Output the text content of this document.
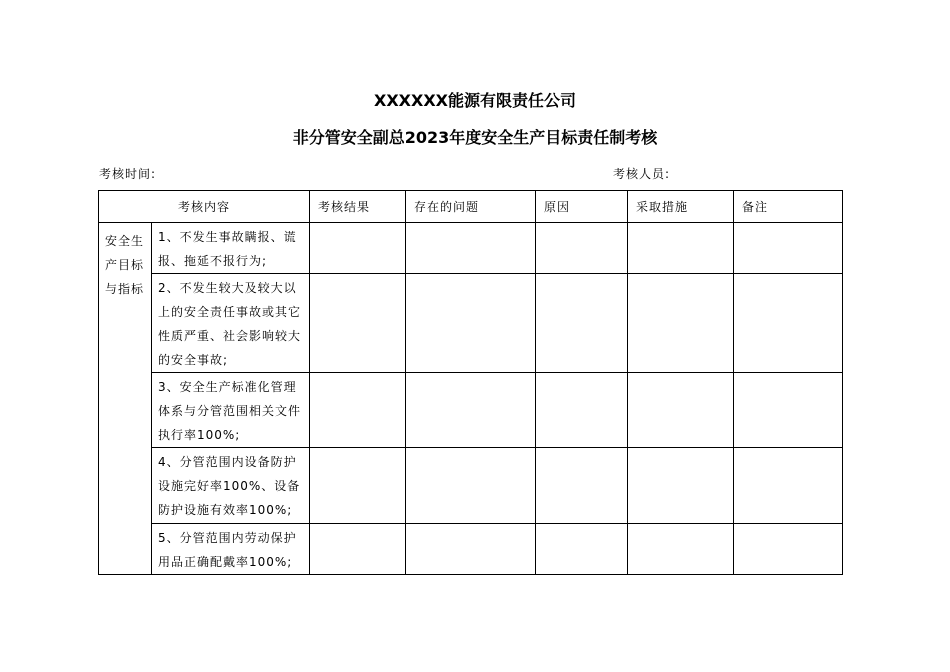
XXXXXX能源有限责任公司
非分管安全副总2023年度安全生产目标责任制考核
考核时间:	考核人员:
考核内容		考核结果	存在的问题	原因	采取措施	备注
安全生产目标与指标	1、不发生事故瞒报、谎报、拖延不报行为;					
	2、不发生较大及较大以上的安全责任事故或其它性质严重、社会影响较大的安全事故;					
	3、安全生产标准化管理体系与分管范围相关文件执行率100%;					
	4、分管范围内设备防护设施完好率100%、设备防护设施有效率100%;					
	5、分管范围内劳动保护用品正确配戴率100%;					
